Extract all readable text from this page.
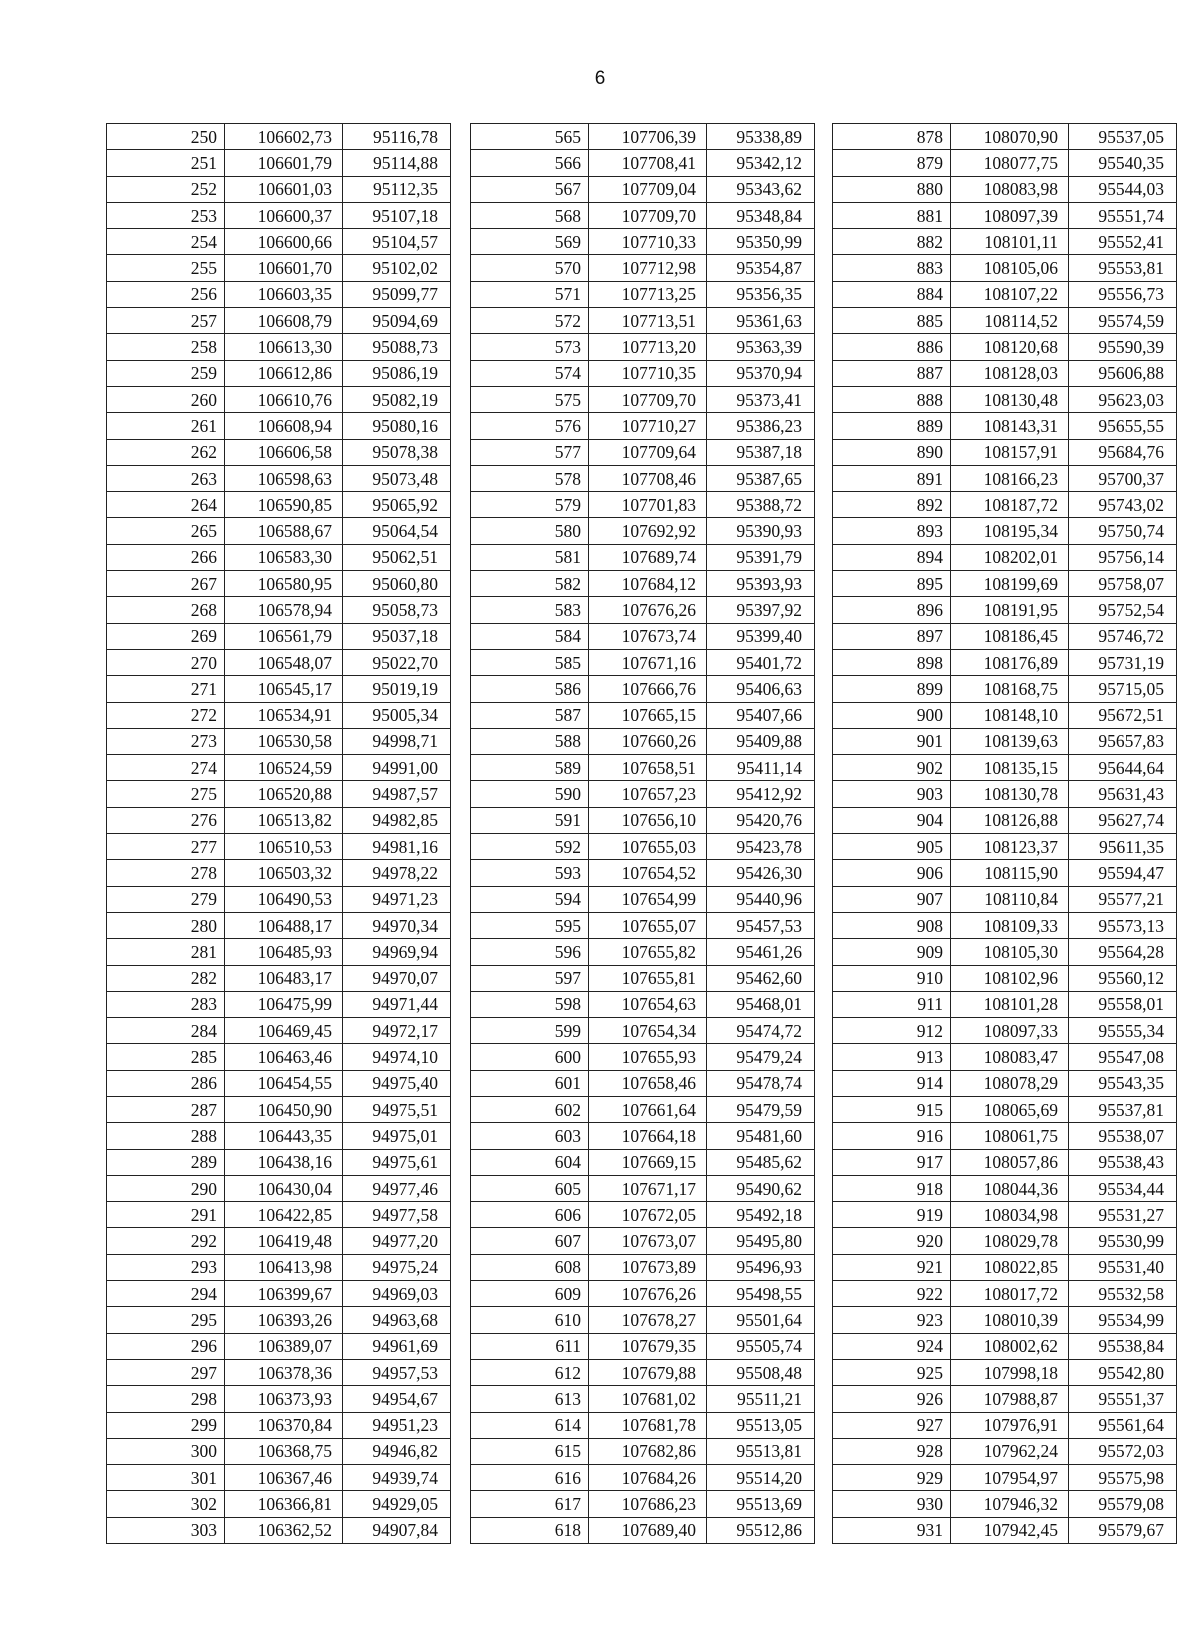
6
250	106602,73	95116,78
251	106601,79	95114,88
252	106601,03	95112,35
253	106600,37	95107,18
254	106600,66	95104,57
255	106601,70	95102,02
256	106603,35	95099,77
257	106608,79	95094,69
258	106613,30	95088,73
259	106612,86	95086,19
260	106610,76	95082,19
261	106608,94	95080,16
262	106606,58	95078,38
263	106598,63	95073,48
264	106590,85	95065,92
265	106588,67	95064,54
266	106583,30	95062,51
267	106580,95	95060,80
268	106578,94	95058,73
269	106561,79	95037,18
270	106548,07	95022,70
271	106545,17	95019,19
272	106534,91	95005,34
273	106530,58	94998,71
274	106524,59	94991,00
275	106520,88	94987,57
276	106513,82	94982,85
277	106510,53	94981,16
278	106503,32	94978,22
279	106490,53	94971,23
280	106488,17	94970,34
281	106485,93	94969,94
282	106483,17	94970,07
283	106475,99	94971,44
284	106469,45	94972,17
285	106463,46	94974,10
286	106454,55	94975,40
287	106450,90	94975,51
288	106443,35	94975,01
289	106438,16	94975,61
290	106430,04	94977,46
291	106422,85	94977,58
292	106419,48	94977,20
293	106413,98	94975,24
294	106399,67	94969,03
295	106393,26	94963,68
296	106389,07	94961,69
297	106378,36	94957,53
298	106373,93	94954,67
299	106370,84	94951,23
300	106368,75	94946,82
301	106367,46	94939,74
302	106366,81	94929,05
303	106362,52	94907,84
565	107706,39	95338,89
566	107708,41	95342,12
567	107709,04	95343,62
568	107709,70	95348,84
569	107710,33	95350,99
570	107712,98	95354,87
571	107713,25	95356,35
572	107713,51	95361,63
573	107713,20	95363,39
574	107710,35	95370,94
575	107709,70	95373,41
576	107710,27	95386,23
577	107709,64	95387,18
578	107708,46	95387,65
579	107701,83	95388,72
580	107692,92	95390,93
581	107689,74	95391,79
582	107684,12	95393,93
583	107676,26	95397,92
584	107673,74	95399,40
585	107671,16	95401,72
586	107666,76	95406,63
587	107665,15	95407,66
588	107660,26	95409,88
589	107658,51	95411,14
590	107657,23	95412,92
591	107656,10	95420,76
592	107655,03	95423,78
593	107654,52	95426,30
594	107654,99	95440,96
595	107655,07	95457,53
596	107655,82	95461,26
597	107655,81	95462,60
598	107654,63	95468,01
599	107654,34	95474,72
600	107655,93	95479,24
601	107658,46	95478,74
602	107661,64	95479,59
603	107664,18	95481,60
604	107669,15	95485,62
605	107671,17	95490,62
606	107672,05	95492,18
607	107673,07	95495,80
608	107673,89	95496,93
609	107676,26	95498,55
610	107678,27	95501,64
611	107679,35	95505,74
612	107679,88	95508,48
613	107681,02	95511,21
614	107681,78	95513,05
615	107682,86	95513,81
616	107684,26	95514,20
617	107686,23	95513,69
618	107689,40	95512,86
878	108070,90	95537,05
879	108077,75	95540,35
880	108083,98	95544,03
881	108097,39	95551,74
882	108101,11	95552,41
883	108105,06	95553,81
884	108107,22	95556,73
885	108114,52	95574,59
886	108120,68	95590,39
887	108128,03	95606,88
888	108130,48	95623,03
889	108143,31	95655,55
890	108157,91	95684,76
891	108166,23	95700,37
892	108187,72	95743,02
893	108195,34	95750,74
894	108202,01	95756,14
895	108199,69	95758,07
896	108191,95	95752,54
897	108186,45	95746,72
898	108176,89	95731,19
899	108168,75	95715,05
900	108148,10	95672,51
901	108139,63	95657,83
902	108135,15	95644,64
903	108130,78	95631,43
904	108126,88	95627,74
905	108123,37	95611,35
906	108115,90	95594,47
907	108110,84	95577,21
908	108109,33	95573,13
909	108105,30	95564,28
910	108102,96	95560,12
911	108101,28	95558,01
912	108097,33	95555,34
913	108083,47	95547,08
914	108078,29	95543,35
915	108065,69	95537,81
916	108061,75	95538,07
917	108057,86	95538,43
918	108044,36	95534,44
919	108034,98	95531,27
920	108029,78	95530,99
921	108022,85	95531,40
922	108017,72	95532,58
923	108010,39	95534,99
924	108002,62	95538,84
925	107998,18	95542,80
926	107988,87	95551,37
927	107976,91	95561,64
928	107962,24	95572,03
929	107954,97	95575,98
930	107946,32	95579,08
931	107942,45	95579,67
